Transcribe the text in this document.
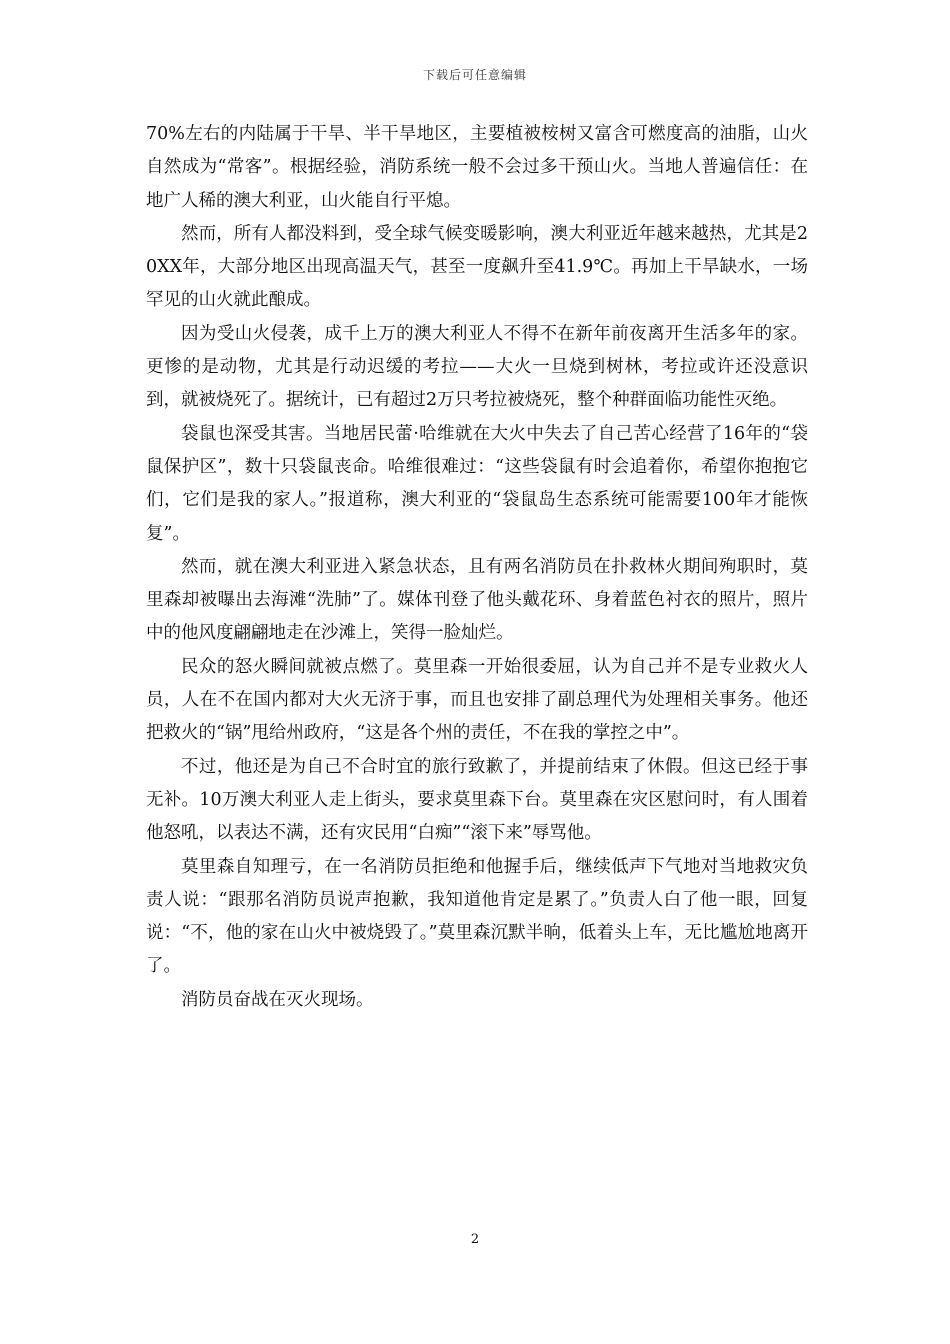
下载后可任意编辑

70%左右的内陆属于干旱、半干旱地区，主要植被桉树又富含可燃度高的油脂，山火自然成为“常客”。根据经验，消防系统一般不会过多干预山火。当地人普遍信任：在地广人稀的澳大利亚，山火能自行平熄。

然而，所有人都没料到，受全球气候变暖影响，澳大利亚近年越来越热，尤其是20XX年，大部分地区出现高温天气，甚至一度飙升至41.9℃。再加上干旱缺水，一场罕见的山火就此酿成。

因为受山火侵袭，成千上万的澳大利亚人不得不在新年前夜离开生活多年的家。更惨的是动物，尤其是行动迟缓的考拉——大火一旦烧到树林，考拉或许还没意识到，就被烧死了。据统计，已有超过2万只考拉被烧死，整个种群面临功能性灭绝。

袋鼠也深受其害。当地居民蕾·哈维就在大火中失去了自己苦心经营了16年的“袋鼠保护区”，数十只袋鼠丧命。哈维很难过：“这些袋鼠有时会追着你，希望你抱抱它们，它们是我的家人。”报道称，澳大利亚的“袋鼠岛生态系统可能需要100年才能恢复”。

然而，就在澳大利亚进入紧急状态，且有两名消防员在扑救林火期间殉职时，莫里森却被曝出去海滩“洗肺”了。媒体刊登了他头戴花环、身着蓝色衬衣的照片，照片中的他风度翩翩地走在沙滩上，笑得一脸灿烂。

民众的怒火瞬间就被点燃了。莫里森一开始很委屈，认为自己并不是专业救火人员，人在不在国内都对大火无济于事，而且也安排了副总理代为处理相关事务。他还把救火的“锅”甩给州政府，“这是各个州的责任，不在我的掌控之中”。

不过，他还是为自己不合时宜的旅行致歉了，并提前结束了休假。但这已经于事无补。10万澳大利亚人走上街头，要求莫里森下台。莫里森在灾区慰问时，有人围着他怒吼，以表达不满，还有灾民用“白痴”“滚下来”辱骂他。

莫里森自知理亏，在一名消防员拒绝和他握手后，继续低声下气地对当地救灾负责人说：“跟那名消防员说声抱歉，我知道他肯定是累了。”负责人白了他一眼，回复说：“不，他的家在山火中被烧毁了。”莫里森沉默半晌，低着头上车，无比尴尬地离开了。

消防员奋战在灭火现场。

2
